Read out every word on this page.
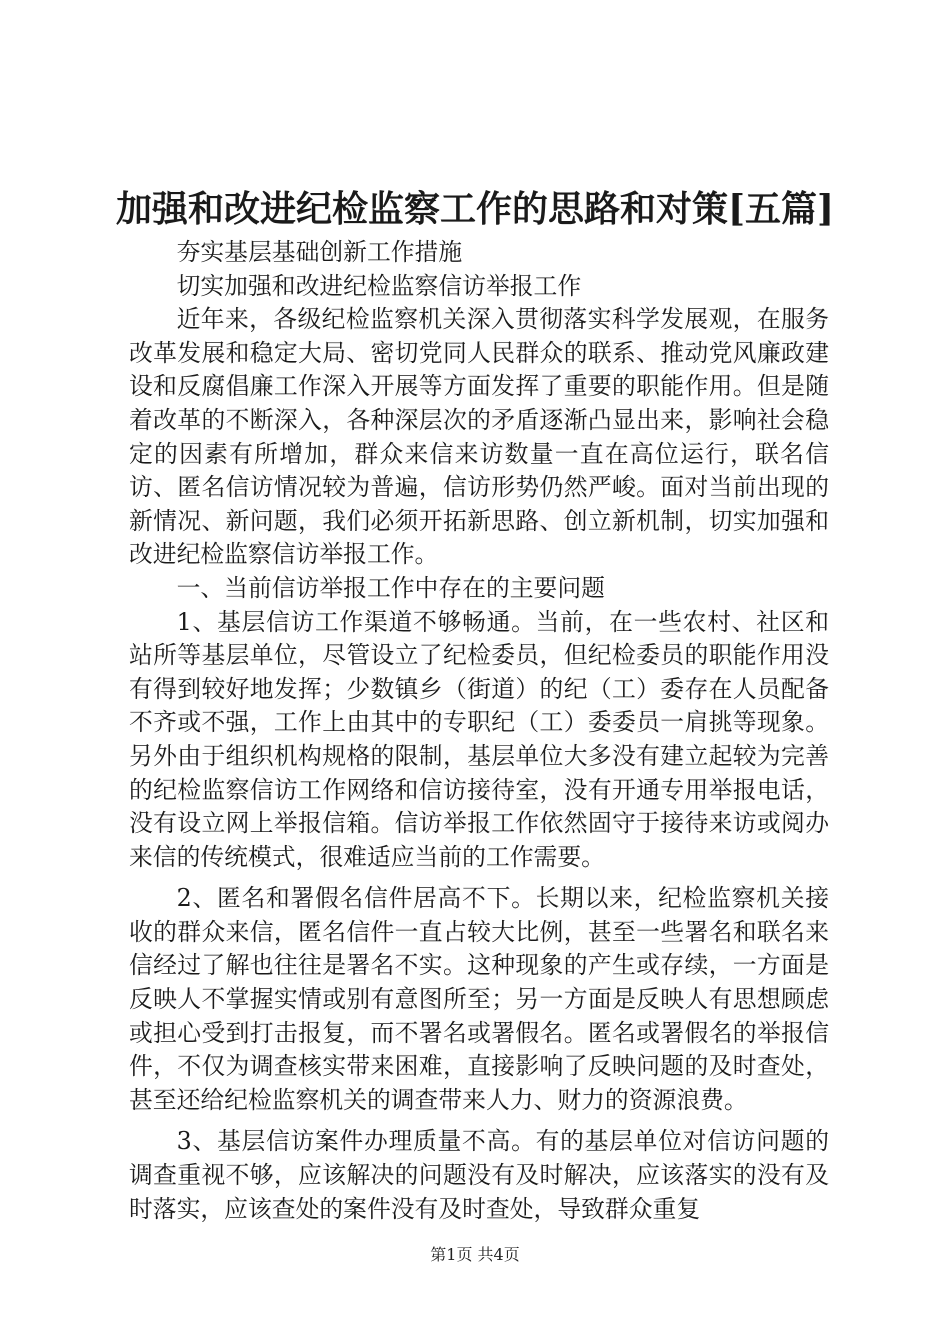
加强和改进纪检监察工作的思路和对策[五篇]

夯实基层基础创新工作措施

切实加强和改进纪检监察信访举报工作

近年来，各级纪检监察机关深入贯彻落实科学发展观，在服务改革发展和稳定大局、密切党同人民群众的联系、推动党风廉政建设和反腐倡廉工作深入开展等方面发挥了重要的职能作用。但是随着改革的不断深入，各种深层次的矛盾逐渐凸显出来，影响社会稳定的因素有所增加，群众来信来访数量一直在高位运行，联名信访、匿名信访情况较为普遍，信访形势仍然严峻。面对当前出现的新情况、新问题，我们必须开拓新思路、创立新机制，切实加强和改进纪检监察信访举报工作。

一、当前信访举报工作中存在的主要问题

1、基层信访工作渠道不够畅通。当前，在一些农村、社区和站所等基层单位，尽管设立了纪检委员，但纪检委员的职能作用没有得到较好地发挥；少数镇乡（街道）的纪（工）委存在人员配备不齐或不强，工作上由其中的专职纪（工）委委员一肩挑等现象。另外由于组织机构规格的限制，基层单位大多没有建立起较为完善的纪检监察信访工作网络和信访接待室，没有开通专用举报电话，没有设立网上举报信箱。信访举报工作依然固守于接待来访或阅办来信的传统模式，很难适应当前的工作需要。

2、匿名和署假名信件居高不下。长期以来，纪检监察机关接收的群众来信，匿名信件一直占较大比例，甚至一些署名和联名来信经过了解也往往是署名不实。这种现象的产生或存续，一方面是反映人不掌握实情或别有意图所至；另一方面是反映人有思想顾虑或担心受到打击报复，而不署名或署假名。匿名或署假名的举报信件，不仅为调查核实带来困难，直接影响了反映问题的及时查处，甚至还给纪检监察机关的调查带来人力、财力的资源浪费。

3、基层信访案件办理质量不高。有的基层单位对信访问题的调查重视不够，应该解决的问题没有及时解决，应该落实的没有及时落实，应该查处的案件没有及时查处，导致群众重复

第1页 共4页
